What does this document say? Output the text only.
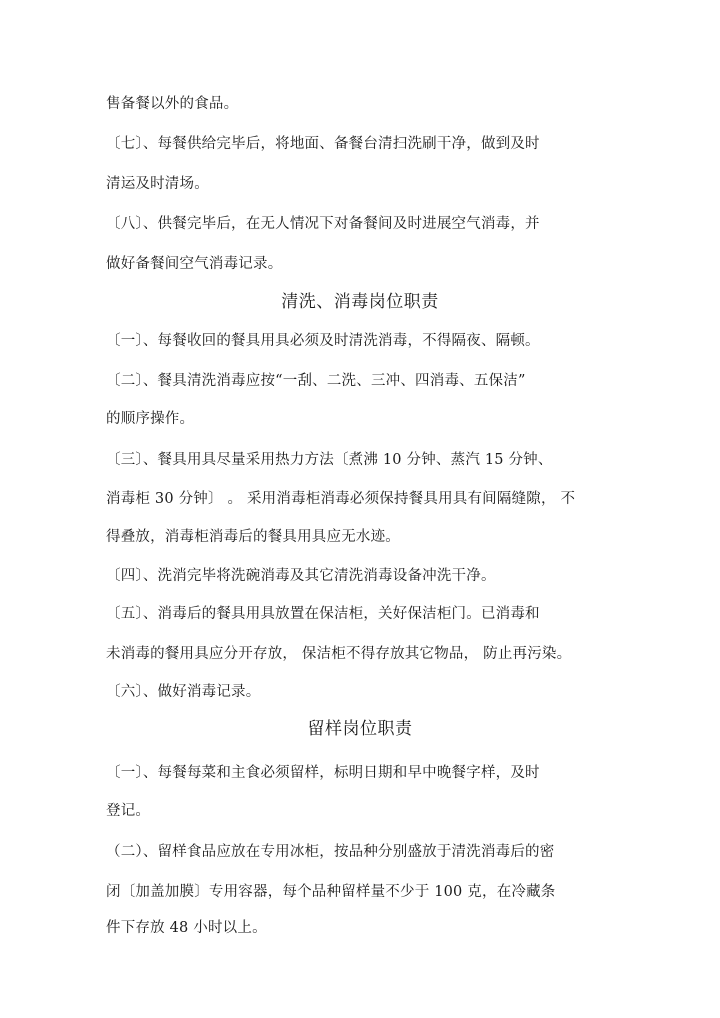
售备餐以外的食品。
〔七〕、每餐供给完毕后，将地面、备餐台清扫洗刷干净，做到及时
清运及时清场。
〔八〕、供餐完毕后，在无人情况下对备餐间及时进展空气消毒，并
做好备餐间空气消毒记录。
清洗、消毒岗位职责
〔一〕、每餐收回的餐具用具必须及时清洗消毒，不得隔夜、隔顿。
〔二〕、餐具清洗消毒应按“一刮、二洗、三冲、四消毒、五保洁”
的顺序操作。
〔三〕、餐具用具尽量采用热力方法〔煮沸 10 分钟、蒸汽 15 分钟、
消毒柜 30 分钟〕 。 采用消毒柜消毒必须保持餐具用具有间隔缝隙， 不
得叠放，消毒柜消毒后的餐具用具应无水迹。
〔四〕、洗消完毕将洗碗消毒及其它清洗消毒设备冲洗干净。
〔五〕、消毒后的餐具用具放置在保洁柜，关好保洁柜门。已消毒和
未消毒的餐用具应分开存放， 保洁柜不得存放其它物品， 防止再污染。
〔六〕、做好消毒记录。
留样岗位职责
〔一〕、每餐每菜和主食必须留样，标明日期和早中晚餐字样，及时
登记。
（二）、留样食品应放在专用冰柜，按品种分别盛放于清洗消毒后的密
闭〔加盖加膜〕专用容器，每个品种留样量不少于 100 克，在冷藏条
件下存放 48 小时以上。
